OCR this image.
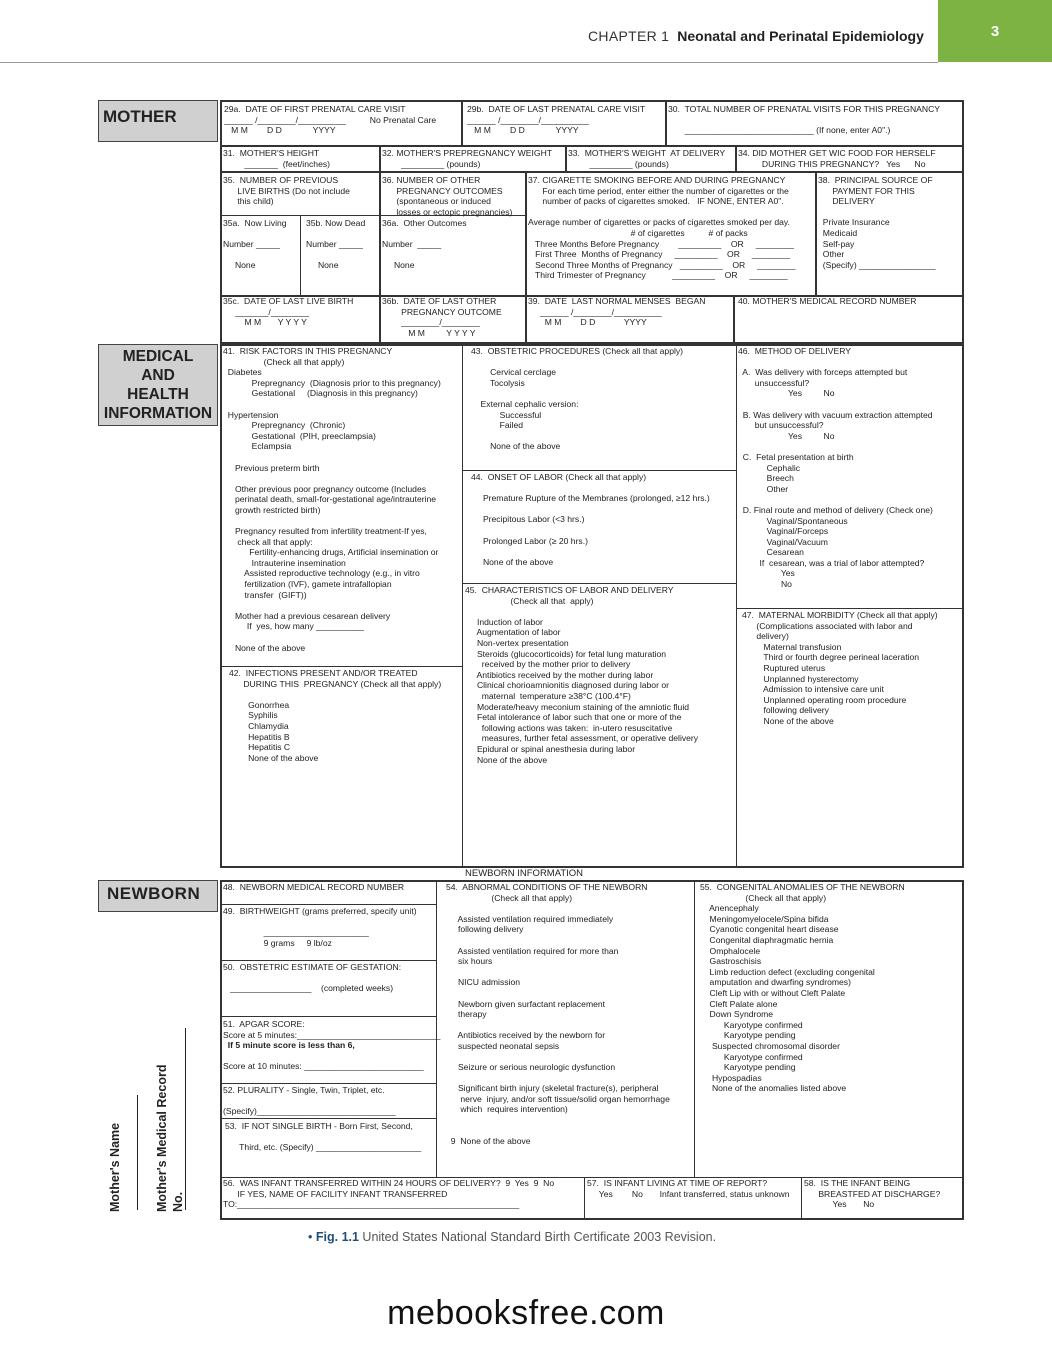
CHAPTER 1 Neonatal and Perinatal Epidemiology	3
Mother's Name	Mother's Medical Record No.
MOTHER
MEDICAL
AND
HEALTH
INFORMATION
NEWBORN
29a.  DATE OF FIRST PRENATAL CARE VISIT
______ /________/__________          No Prenatal Care
M M        D D             YYYY
29b.  DATE OF LAST PRENATAL CARE VISIT
______ /________/__________
M M        D D             YYYY
30.  TOTAL NUMBER OF PRENATAL VISITS FOR THIS PREGNANCY
___________________________ (If none, enter A0".)
31.  MOTHER'S HEIGHT
_______  (feet/inches)
32. MOTHER'S PREPREGNANCY WEIGHT
_________ (pounds)
33.  MOTHER'S WEIGHT  AT DELIVERY
_________ (pounds)
34. DID MOTHER GET WIC FOOD FOR HERSELF
DURING THIS PREGNANCY?   Yes      No
35.  NUMBER OF PREVIOUS
LIVE BIRTHS (Do not include
this child)
35a.  Now Living
Number _____
None
35b. Now Dead
Number _____
None
36. NUMBER OF OTHER
PREGNANCY OUTCOMES
(spontaneous or induced
losses or ectopic pregnancies)
36a.  Other Outcomes
Number  _____
None
37. CIGARETTE SMOKING BEFORE AND DURING PREGNANCY
For each time period, enter either the number of cigarettes or the
number of packs of cigarettes smoked.   IF NONE, ENTER A0".
Average number of cigarettes or packs of cigarettes smoked per day.
# of cigarettes          # of packs
Three Months Before Pregnancy        _________    OR     ________
First Three  Months of Pregnancy     _________    OR     ________
Second Three Months of Pregnancy   _________    OR     ________
Third Trimester of Pregnancy           _________    OR     ________
38.  PRINCIPAL SOURCE OF
PAYMENT FOR THIS
DELIVERY
Private Insurance
Medicaid
Self-pay
Other
(Specify) ________________
35c.  DATE OF LAST LIVE BIRTH
_______/________
M M       Y Y Y Y
36b.  DATE OF LAST OTHER
PREGNANCY OUTCOME
________/________
M M         Y Y Y Y
39.  DATE  LAST NORMAL MENSES  BEGAN
______ /________/__________
M M        D D            YYYY
40. MOTHER'S MEDICAL RECORD NUMBER
41.  RISK FACTORS IN THIS PREGNANCY
(Check all that apply)
Diabetes
Prepregnancy  (Diagnosis prior to this pregnancy)
Gestational     (Diagnosis in this pregnancy)
Hypertension
Prepregnancy  (Chronic)
Gestational  (PIH, preeclampsia)
Eclampsia
Previous preterm birth
Other previous poor pregnancy outcome (Includes
perinatal death, small-for-gestational age/intrauterine
growth restricted birth)
Pregnancy resulted from infertility treatment-If yes,
check all that apply:
Fertility-enhancing drugs, Artificial insemination or
Intrauterine insemination
Assisted reproductive technology (e.g., in vitro
fertilization (IVF), gamete intrafallopian
transfer  (GIFT))
Mother had a previous cesarean delivery
If  yes, how many __________
None of the above
42.  INFECTIONS PRESENT AND/OR TREATED
DURING THIS  PREGNANCY (Check all that apply)
Gonorrhea
Syphilis
Chlamydia
Hepatitis B
Hepatitis C
None of the above
43.  OBSTETRIC PROCEDURES (Check all that apply)
Cervical cerclage
Tocolysis
External cephalic version:
Successful
Failed
None of the above
44.  ONSET OF LABOR (Check all that apply)
Premature Rupture of the Membranes (prolonged, ≥12 hrs.)
Precipitous Labor (<3 hrs.)
Prolonged Labor (≥ 20 hrs.)
None of the above
45.  CHARACTERISTICS OF LABOR AND DELIVERY
(Check all that  apply)
Induction of labor
Augmentation of labor
Non-vertex presentation
Steroids (glucocorticoids) for fetal lung maturation
received by the mother prior to delivery
Antibiotics received by the mother during labor
Clinical chorioamnionitis diagnosed during labor or
maternal  temperature ≥38°C (100.4°F)
Moderate/heavy meconium staining of the amniotic fluid
Fetal intolerance of labor such that one or more of the
following actions was taken:  in-utero resuscitative
measures, further fetal assessment, or operative delivery
Epidural or spinal anesthesia during labor
None of the above
46.  METHOD OF DELIVERY
A.  Was delivery with forceps attempted but
unsuccessful?
Yes         No
B. Was delivery with vacuum extraction attempted
but unsuccessful?
Yes         No
C.  Fetal presentation at birth
Cephalic
Breech
Other
D. Final route and method of delivery (Check one)
Vaginal/Spontaneous
Vaginal/Forceps
Vaginal/Vacuum
Cesarean
If  cesarean, was a trial of labor attempted?
Yes
No
47.  MATERNAL MORBIDITY (Check all that apply)
(Complications associated with labor and
delivery)
Maternal transfusion
Third or fourth degree perineal laceration
Ruptured uterus
Unplanned hysterectomy
Admission to intensive care unit
Unplanned operating room procedure
following delivery
None of the above
NEWBORN INFORMATION
48.  NEWBORN MEDICAL RECORD NUMBER
49.  BIRTHWEIGHT (grams preferred, specify unit)
______________________
9 grams     9 lb/oz
50.  OBSTETRIC ESTIMATE OF GESTATION:
_________________    (completed weeks)
51.  APGAR SCORE:
Score at 5 minutes:______________________________
If 5 minute score is less than 6,
Score at 10 minutes: _________________________
52. PLURALITY - Single, Twin, Triplet, etc.
(Specify)_____________________________
53.  IF NOT SINGLE BIRTH - Born First, Second,
Third, etc. (Specify) ______________________
54.  ABNORMAL CONDITIONS OF THE NEWBORN
(Check all that apply)
Assisted ventilation required immediately
following delivery
Assisted ventilation required for more than
six hours
NICU admission
Newborn given surfactant replacement
therapy
Antibiotics received by the newborn for
suspected neonatal sepsis
Seizure or serious neurologic dysfunction
Significant birth injury (skeletal fracture(s), peripheral
nerve  injury, and/or soft tissue/solid organ hemorrhage
which  requires intervention)
9  None of the above
55.  CONGENITAL ANOMALIES OF THE NEWBORN
(Check all that apply)
Anencephaly
Meningomyelocele/Spina bifida
Cyanotic congenital heart disease
Congenital diaphragmatic hernia
Omphalocele
Gastroschisis
Limb reduction defect (excluding congenital
amputation and dwarfing syndromes)
Cleft Lip with or without Cleft Palate
Cleft Palate alone
Down Syndrome
Karyotype confirmed
Karyotype pending
Suspected chromosomal disorder
Karyotype confirmed
Karyotype pending
Hypospadias
None of the anomalies listed above
56.  WAS INFANT TRANSFERRED WITHIN 24 HOURS OF DELIVERY?  9  Yes  9  No
IF YES, NAME OF FACILITY INFANT TRANSFERRED
TO:___________________________________________________________
57.  IS INFANT LIVING AT TIME OF REPORT?
Yes        No       Infant transferred, status unknown
58.  IS THE INFANT BEING
BREASTFED AT DISCHARGE?
Yes       No
• Fig. 1.1 United States National Standard Birth Certificate 2003 Revision.
mebooksfree.com
